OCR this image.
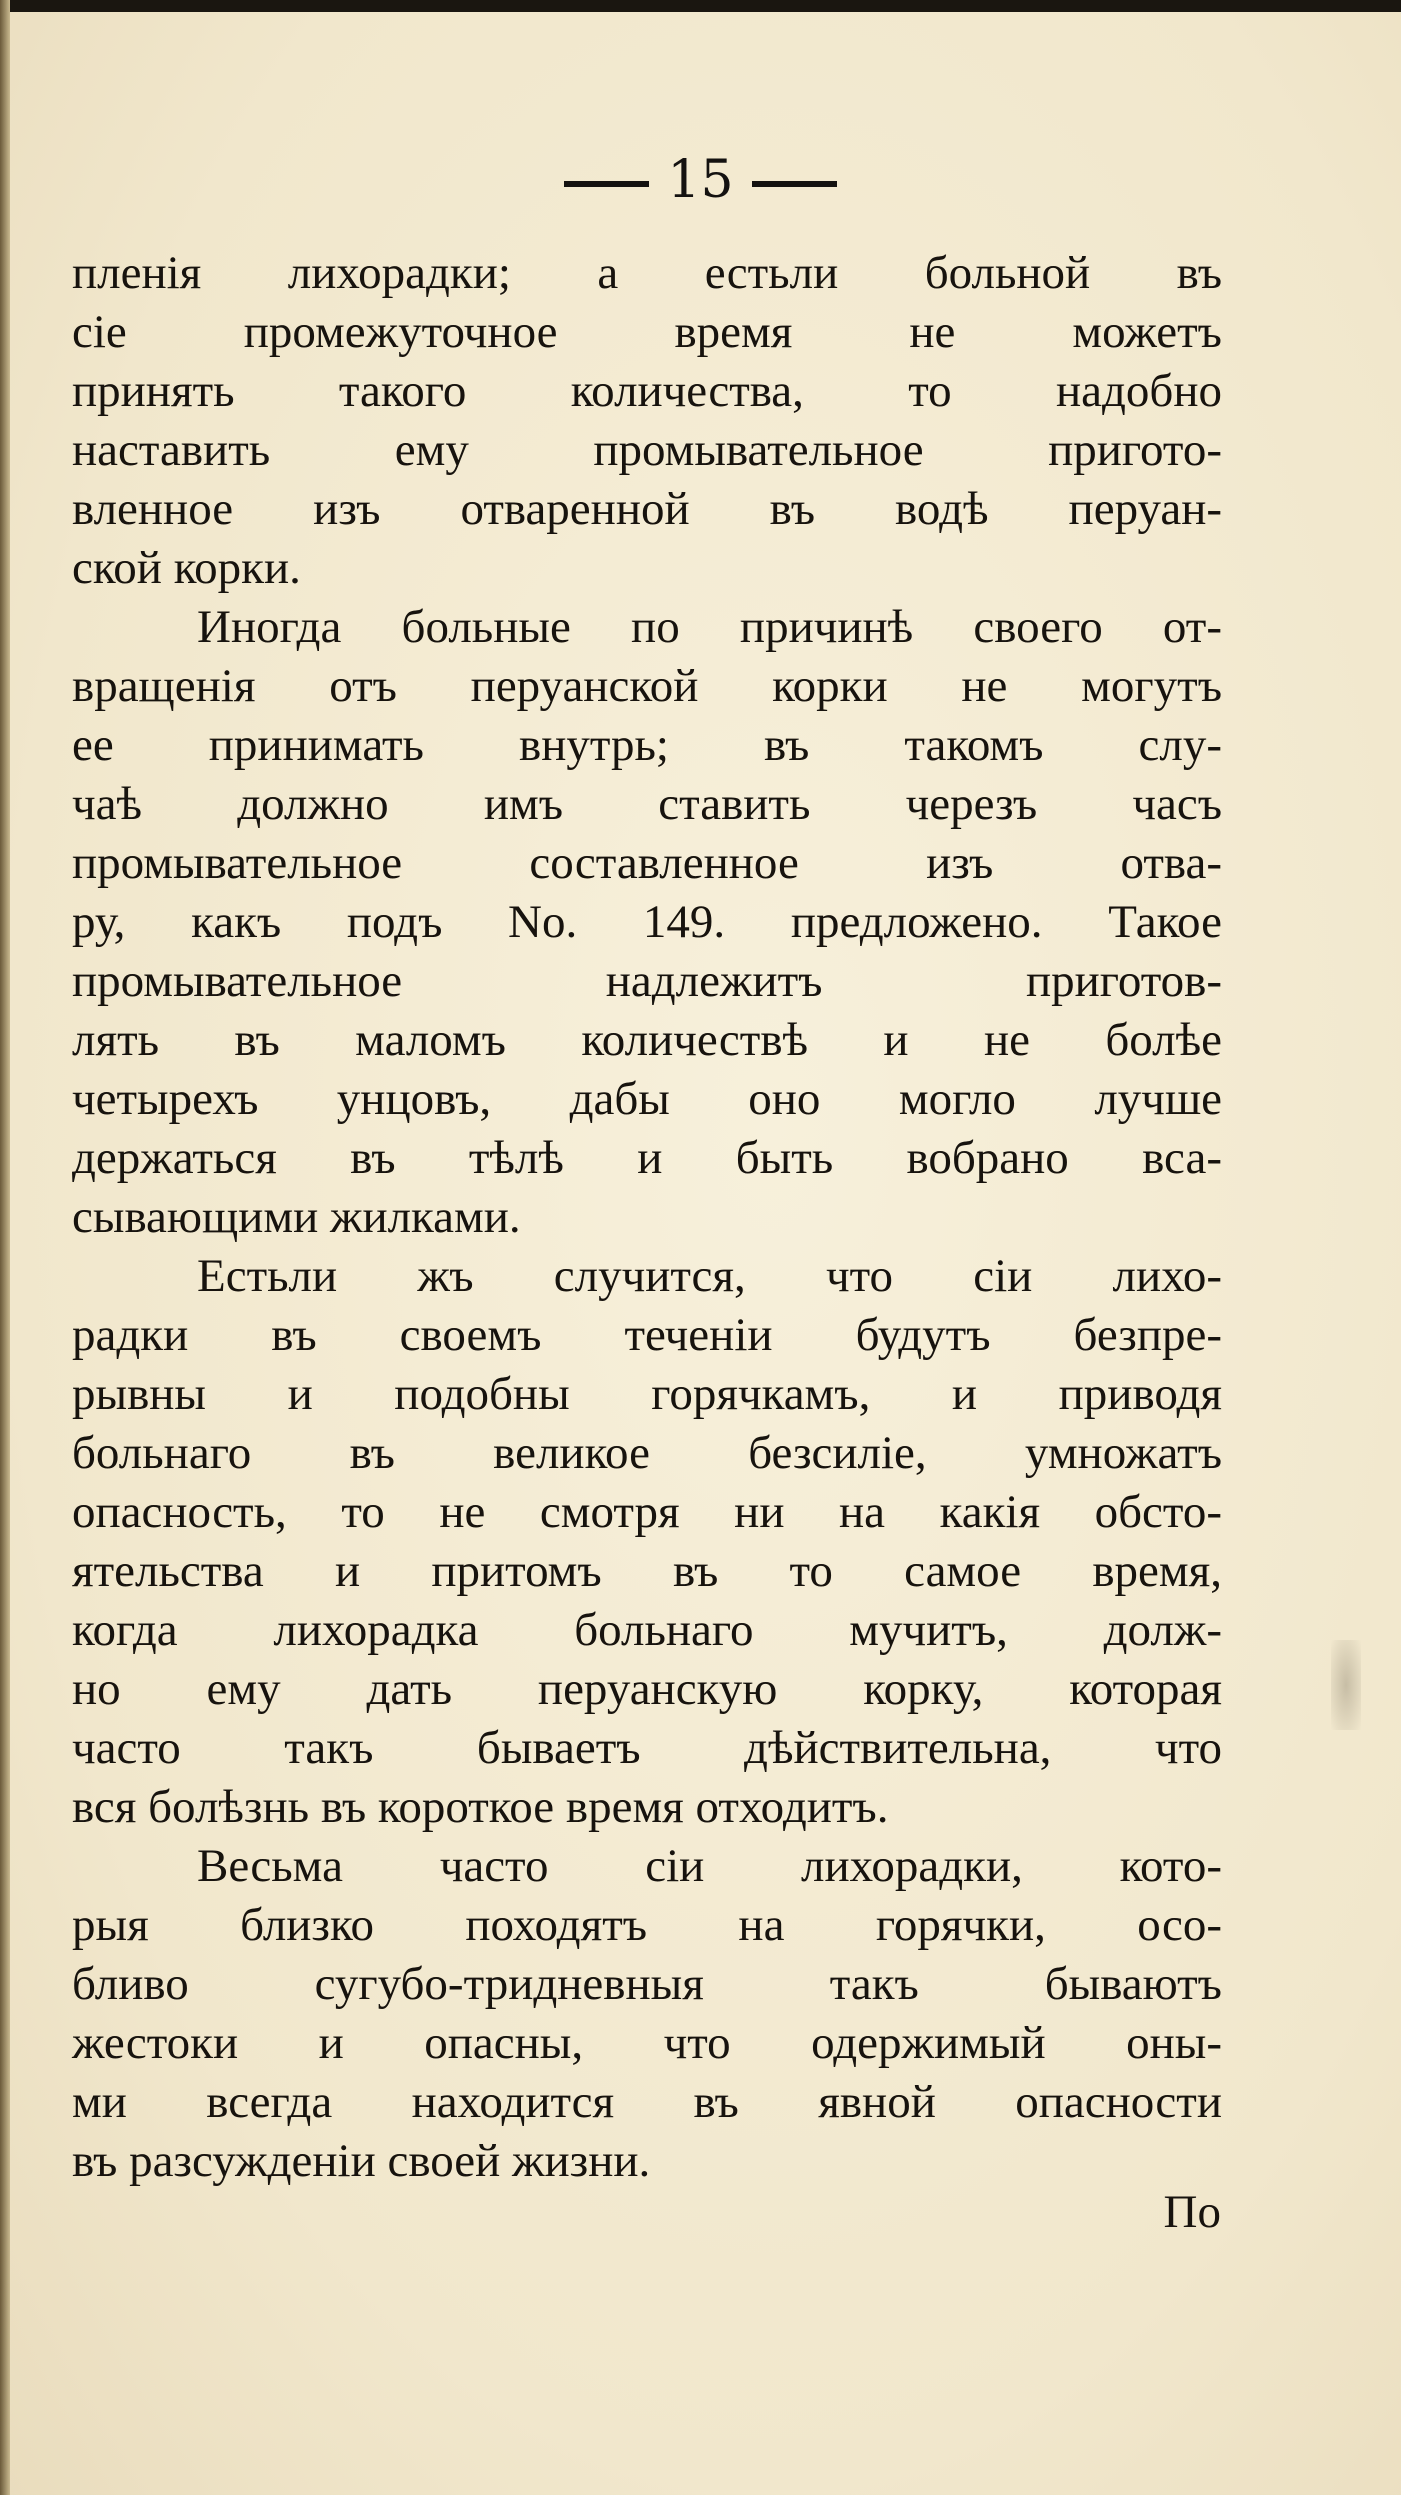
15
пленія лихорадки; а естьли больной въ
сіе промежуточное время не можетъ
принять такого количества, то надобно
наставить ему промывательное пригото-
вленное изъ отваренной въ водѣ перуан-
ской корки.
Иногда больные по причинѣ своего от-
вращенія отъ перуанской корки не могутъ
ее принимать внутрь; въ такомъ слу-
чаѣ должно имъ ставить черезъ часъ
промывательное составленное изъ отва-
ру, какъ подъ No. 149. предложено. Такое
промывательное надлежитъ приготов-
лять въ маломъ количествѣ и не болѣе
четырехъ унцовъ, дабы оно могло лучше
держаться въ тѣлѣ и быть вобрано вса-
сывающими жилками.
Естьли жъ случится, что сіи лихо-
радки въ своемъ теченіи будутъ безпре-
рывны и подобны горячкамъ, и приводя
больнаго въ великое безсиліе, умножатъ
опасность, то не смотря ни на какія обсто-
ятельства и притомъ въ то самое время,
когда лихорадка больнаго мучитъ, долж-
но ему дать перуанскую корку, которая
часто такъ бываетъ дѣйствительна, что
вся болѣзнь въ короткое время отходитъ.
Весьма часто сіи лихорадки, кото-
рыя близко походятъ на горячки, осо-
бливо сугубо-тридневныя такъ бываютъ
жестоки и опасны, что одержимый оны-
ми всегда находится въ явной опасности
въ разсужденіи своей жизни.
По
